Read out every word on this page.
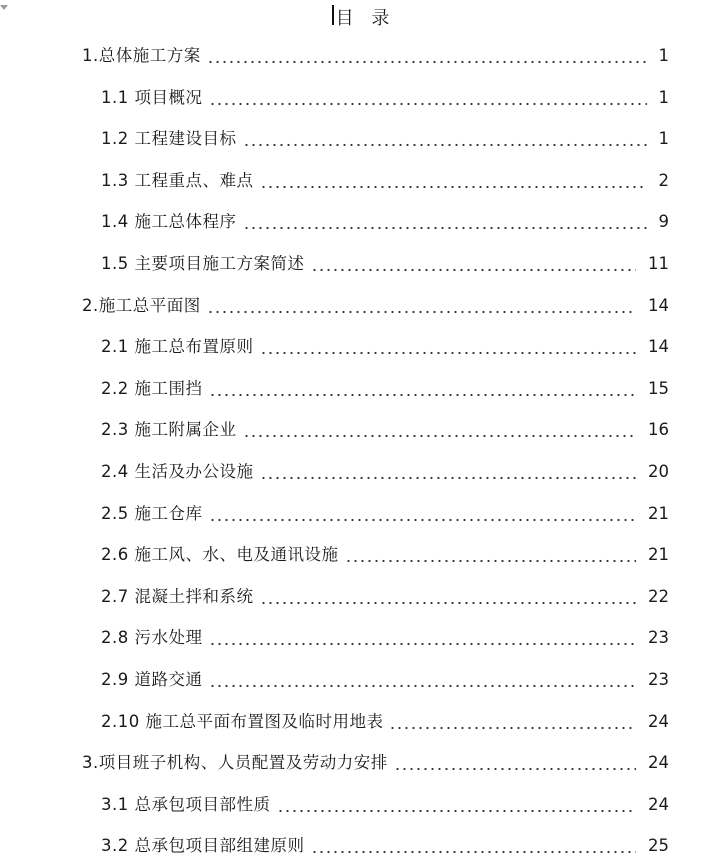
目 录
1.总体施工方案	1
1.1 项目概况	1
1.2 工程建设目标	1
1.3 工程重点、难点	2
1.4 施工总体程序	9
1.5 主要项目施工方案简述	11
2.施工总平面图	14
2.1 施工总布置原则	14
2.2 施工围挡	15
2.3 施工附属企业	16
2.4 生活及办公设施	20
2.5 施工仓库	21
2.6 施工风、水、电及通讯设施	21
2.7 混凝土拌和系统	22
2.8 污水处理	23
2.9 道路交通	23
2.10 施工总平面布置图及临时用地表	24
3.项目班子机构、人员配置及劳动力安排	24
3.1 总承包项目部性质	24
3.2 总承包项目部组建原则	25
